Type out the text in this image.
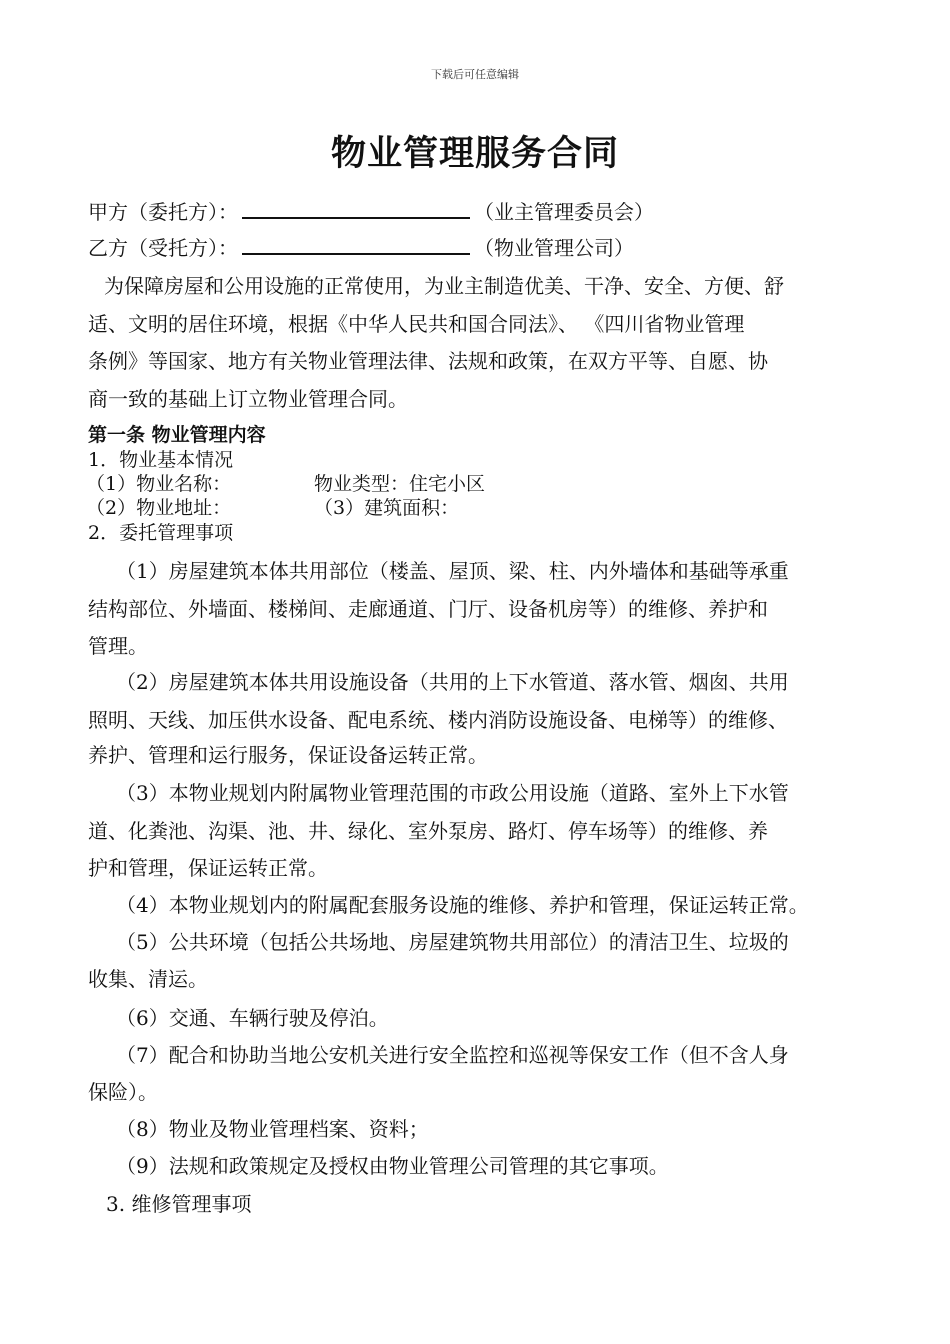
下载后可任意编辑
物业管理服务合同
甲方（委托方）：	（业主管理委员会）
乙方（受托方）：	（物业管理公司）
为保障房屋和公用设施的正常使用，为业主制造优美、干净、安全、方便、舒
适、文明的居住环境，根据《中华人民共和国合同法》、 《四川省物业管理
条例》等国家、地方有关物业管理法律、法规和政策，在双方平等、自愿、协
商一致的基础上订立物业管理合同。
第一条 物业管理内容
1．物业基本情况
（1）物业名称：	物业类型：住宅小区
（2）物业地址：	（3）建筑面积：
2．委托管理事项
（1）房屋建筑本体共用部位（楼盖、屋顶、梁、柱、内外墙体和基础等承重
结构部位、外墙面、楼梯间、走廊通道、门厅、设备机房等）的维修、养护和
管理。
（2）房屋建筑本体共用设施设备（共用的上下水管道、落水管、烟囱、共用
照明、天线、加压供水设备、配电系统、楼内消防设施设备、电梯等）的维修、
养护、管理和运行服务，保证设备运转正常。
（3）本物业规划内附属物业管理范围的市政公用设施（道路、室外上下水管
道、化粪池、沟渠、池、井、绿化、室外泵房、路灯、停车场等）的维修、养
护和管理，保证运转正常。
（4）本物业规划内的附属配套服务设施的维修、养护和管理，保证运转正常。
（5）公共环境（包括公共场地、房屋建筑物共用部位）的清洁卫生、垃圾的
收集、清运。
（6）交通、车辆行驶及停泊。
（7）配合和协助当地公安机关进行安全监控和巡视等保安工作（但不含人身
保险）。
（8）物业及物业管理档案、资料；
（9）法规和政策规定及授权由物业管理公司管理的其它事项。
3. 维修管理事项
